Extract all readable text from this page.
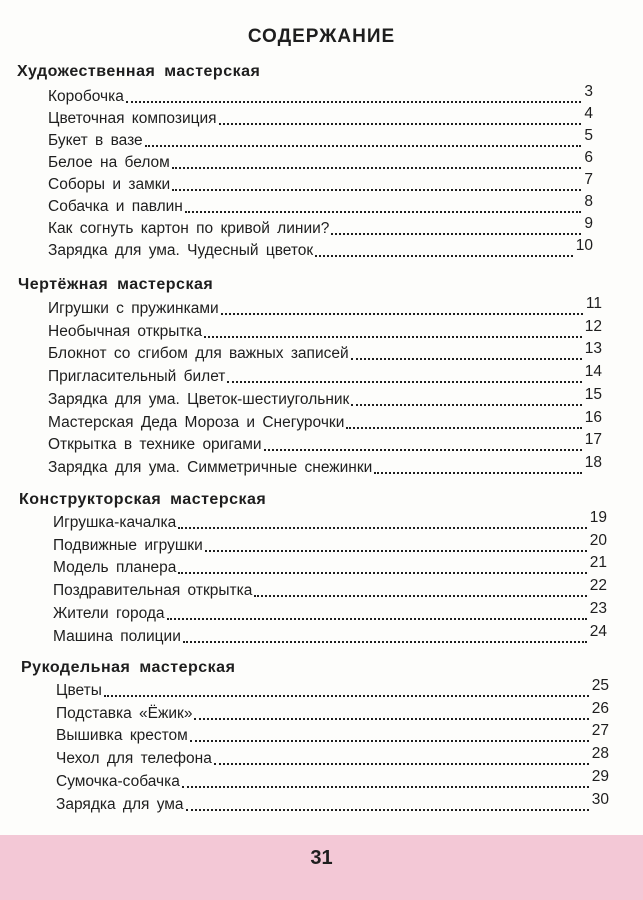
СОДЕРЖАНИЕ
Художественная мастерская
Коробочка	3
Цветочная композиция	4
Букет в вазе	5
Белое на белом	6
Соборы и замки	7
Собачка и павлин	8
Как согнуть картон по кривой линии?	9
Зарядка для ума. Чудесный цветок	10
Чертёжная мастерская
Игрушки с пружинками	11
Необычная открытка	12
Блокнот со сгибом для важных записей	13
Пригласительный билет	14
Зарядка для ума. Цветок-шестиугольник	15
Мастерская Деда Мороза и Снегурочки	16
Открытка в технике оригами	17
Зарядка для ума. Симметричные снежинки	18
Конструкторская мастерская
Игрушка-качалка	19
Подвижные игрушки	20
Модель планера	21
Поздравительная открытка	22
Жители города	23
Машина полиции	24
Рукодельная мастерская
Цветы	25
Подставка «Ёжик»	26
Вышивка крестом	27
Чехол для телефона	28
Сумочка-собачка	29
Зарядка для ума	30
31
